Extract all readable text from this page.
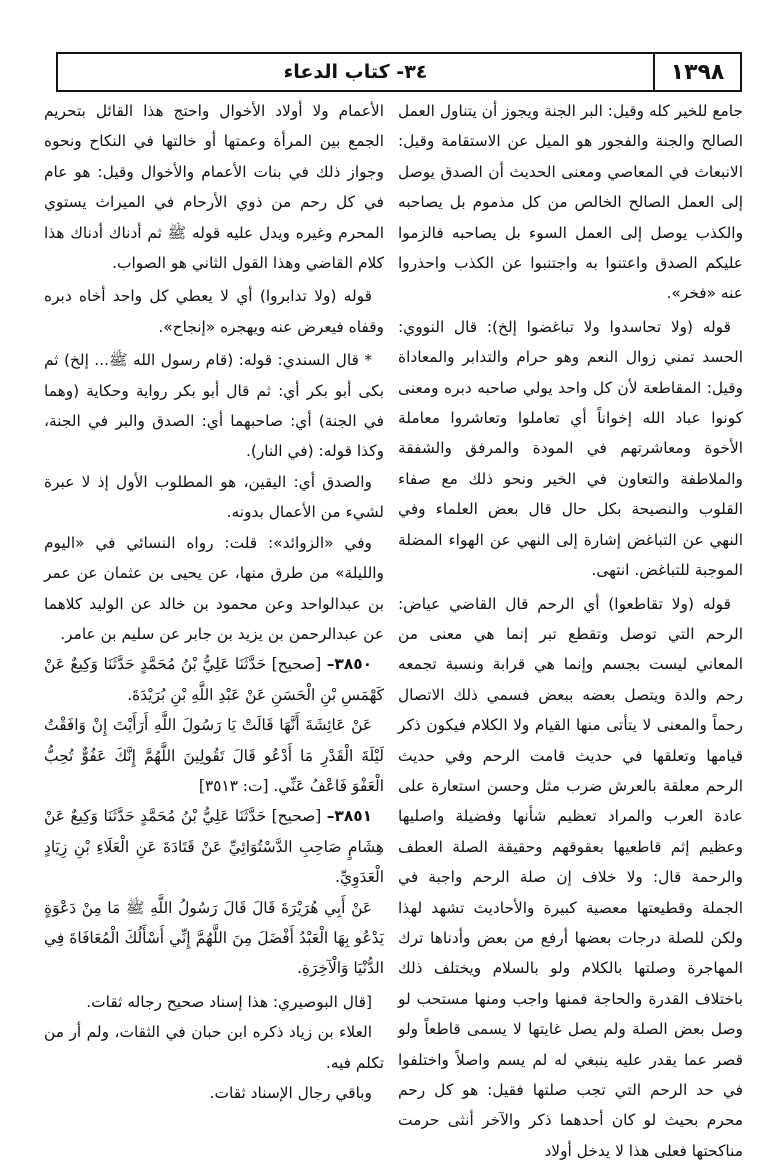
١٣٩٨
٣٤- كتاب الدعاء

جامع للخير كله وقيل: البر الجنة ويجوز أن يتناول العمل الصالح والجنة والفجور هو الميل عن الاستقامة وقيل: الانبعاث في المعاصي ومعنى الحديث أن الصدق يوصل إلى العمل الصالح الخالص من كل مذموم بل يصاحبه والكذب يوصل إلى العمل السوء بل يصاحبه فالزموا عليكم الصدق واعتنوا به واجتنبوا عن الكذب واحذروا عنه «فخر».

قوله (ولا تحاسدوا ولا تباغضوا إلخ): قال النووي: الحسد تمني زوال النعم وهو حرام والتدابر والمعاداة وقيل: المقاطعة لأن كل واحد يولي صاحبه دبره ومعنى كونوا عباد الله إخواناً أي تعاملوا وتعاشروا معاملة الأخوة ومعاشرتهم في المودة والمرفق والشفقة والملاطفة والتعاون في الخير ونحو ذلك مع صفاء القلوب والنصيحة بكل حال قال بعض العلماء وفي النهي عن التباغض إشارة إلى النهي عن الهواء المضلة الموجبة للتباغض. انتهى.

قوله (ولا تقاطعوا) أي الرحم قال القاضي عياض: الرحم التي توصل وتقطع تبر إنما هي معنى من المعاني ليست بجسم وإنما هي قرابة ونسبة تجمعه رحم والدة ويتصل بعضه ببعض فسمي ذلك الاتصال رحماً والمعنى لا يتأتى منها القيام ولا الكلام فيكون ذكر قيامها وتعلقها في حديث قامت الرحم وفي حديث الرحم معلقة بالعرش ضرب مثل وحسن استعارة على عادة العرب والمراد تعظيم شأنها وفضيلة واصليها وعظيم إثم قاطعيها بعقوقهم وحقيقة الصلة العطف والرحمة قال: ولا خلاف إن صلة الرحم واجبة في الجملة وقطيعتها معصية كبيرة والأحاديث تشهد لهذا ولكن للصلة درجات بعضها أرفع من بعض وأدناها ترك المهاجرة وصلتها بالكلام ولو بالسلام ويختلف ذلك باختلاف القدرة والحاجة فمنها واجب ومنها مستحب لو وصل بعض الصلة ولم يصل غايتها لا يسمى قاطعاً ولو قصر عما يقدر عليه ينبغي له لم يسم واصلاً واختلفوا في حد الرحم التي تجب صلتها فقيل: هو كل رحم محرم بحيث لو كان أحدهما ذكر والآخر أنثى حرمت مناكحتها فعلى هذا لا يدخل أولاد

الأعمام ولا أولاد الأخوال واحتج هذا القائل بتحريم الجمع بين المرأة وعمتها أو خالتها في النكاح ونحوه وجواز ذلك في بنات الأعمام والأخوال وقيل: هو عام في كل رحم من ذوي الأرحام في الميراث يستوي المحرم وغيره ويدل عليه قوله ﷺ ثم أدناك أدناك هذا كلام القاضي وهذا القول الثاني هو الصواب.

قوله (ولا تدابروا) أي لا يعطي كل واحد أخاه دبره وقفاه فيعرض عنه ويهجره «إنجاح».

* قال السندي: قوله: (قام رسول الله ﷺ... إلخ) ثم بكى أبو بكر أي: ثم قال أبو بكر رواية وحكاية (وهما في الجنة) أي: صاحبهما أي: الصدق والبر في الجنة، وكذا قوله: (في النار).

والصدق أي: اليقين، هو المطلوب الأول إذ لا عبرة لشيء من الأعمال بدونه.

وفي «الزوائد»: قلت: رواه النسائي في «اليوم والليلة» من طرق منها، عن يحيى بن عثمان عن عمر بن عبدالواحد وعن محمود بن خالد عن الوليد كلاهما عن عبدالرحمن بن يزيد بن جابر عن سليم بن عامر.

٣٨٥٠– [صحيح] حَدَّثَنَا عَلِيُّ بْنُ مُحَمَّدٍ حَدَّثَنَا وَكِيعٌ عَنْ كَهْمَسِ بْنِ الْحَسَنِ عَنْ عَبْدِ اللَّهِ بْنِ بُرَيْدَةَ.

عَنْ عَائِشَةَ أَنَّهَا قَالَتْ يَا رَسُولَ اللَّهِ أَرَأَيْتَ إِنْ وَافَقْتُ لَيْلَةَ الْقَدْرِ مَا أَدْعُو قَالَ تَقُولِينَ اللَّهُمَّ إِنَّكَ عَفُوٌّ تُحِبُّ الْعَفْوَ فَاعْفُ عَنِّي. [ت: ٣٥١٣]

٣٨٥١– [صحيح] حَدَّثَنَا عَلِيُّ بْنُ مُحَمَّدٍ حَدَّثَنَا وَكِيعٌ عَنْ هِشَامٍ صَاحِبِ الدَّسْتُوَائِيِّ عَنْ قَتَادَةَ عَنِ الْعَلَاءِ بْنِ زِيَادٍ الْعَدَوِيِّ.

عَنْ أَبِي هُرَيْرَةَ قَالَ قَالَ رَسُولُ اللَّهِ ﷺ مَا مِنْ دَعْوَةٍ يَدْعُو بِهَا الْعَبْدُ أَفْضَلَ مِنَ اللَّهُمَّ إِنِّي أَسْأَلُكَ الْمُعَافَاةَ فِي الدُّنْيَا وَالْآخِرَةِ.

[قال البوصيري: هذا إسناد صحيح رجاله ثقات.

العلاء بن زياد ذكره ابن حبان في الثقات، ولم أر من تكلم فيه.

وباقي رجال الإسناد ثقات.
